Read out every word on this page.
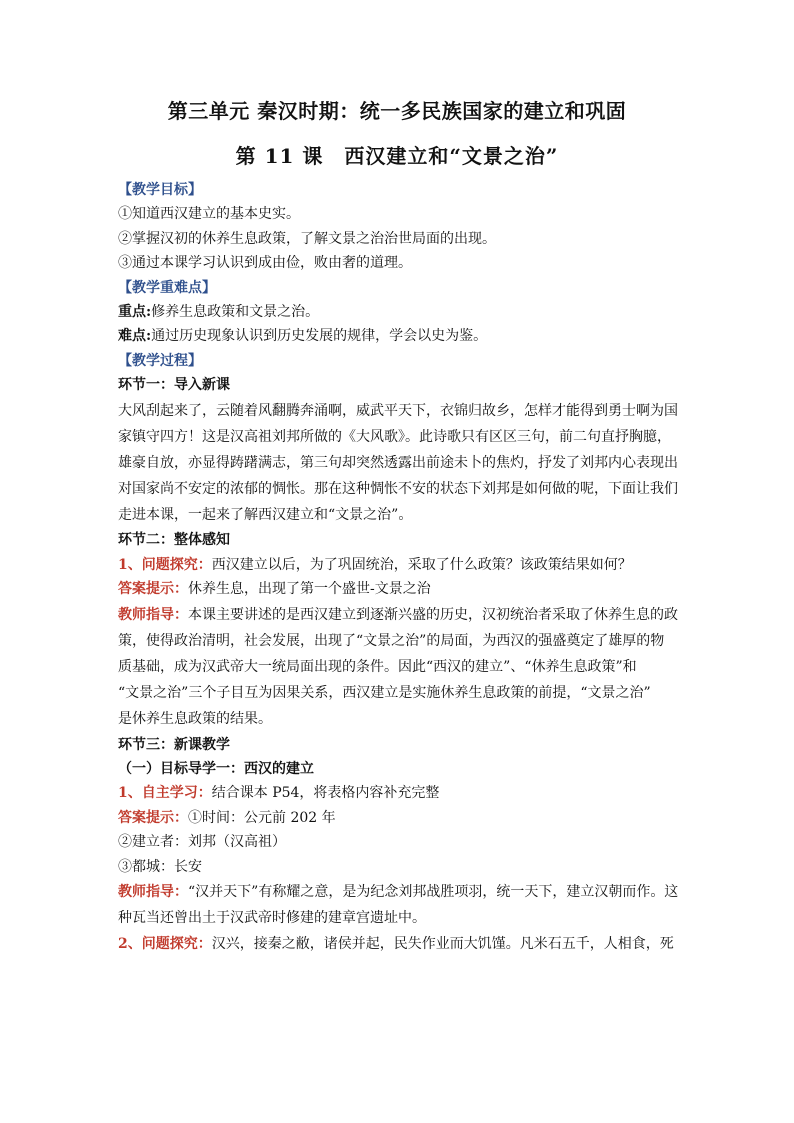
第三单元 秦汉时期：统一多民族国家的建立和巩固
第 11 课　西汉建立和“文景之治”
【教学目标】
①知道西汉建立的基本史实。
②掌握汉初的休养生息政策，了解文景之治治世局面的出现。
③通过本课学习认识到成由俭，败由奢的道理。
【教学重难点】
重点:修养生息政策和文景之治。
难点:通过历史现象认识到历史发展的规律，学会以史为鉴。
【教学过程】
环节一：导入新课
大风刮起来了，云随着风翻腾奔涌啊，威武平天下，衣锦归故乡，怎样才能得到勇士啊为国
家镇守四方！这是汉高祖刘邦所做的《大风歌》。此诗歌只有区区三句，前二句直抒胸臆，
雄豪自放，亦显得踌躇满志，第三句却突然透露出前途未卜的焦灼，抒发了刘邦内心表现出
对国家尚不安定的浓郁的惆怅。那在这种惆怅不安的状态下刘邦是如何做的呢，下面让我们
走进本课，一起来了解西汉建立和“文景之治”。
环节二：整体感知
1、问题探究：西汉建立以后，为了巩固统治，采取了什么政策？该政策结果如何？
答案提示：休养生息，出现了第一个盛世-文景之治
教师指导：本课主要讲述的是西汉建立到逐渐兴盛的历史，汉初统治者采取了休养生息的政
策，使得政治清明，社会发展，出现了“文景之治”的局面，为西汉的强盛奠定了雄厚的物
质基础，成为汉武帝大一统局面出现的条件。因此“西汉的建立”、“休养生息政策”和
“文景之治”三个子目互为因果关系，西汉建立是实施休养生息政策的前提，“文景之治”
是休养生息政策的结果。
环节三：新课教学
（一）目标导学一：西汉的建立
1、自主学习：结合课本 P54，将表格内容补充完整
答案提示：①时间：公元前 202 年
②建立者：刘邦（汉高祖）
③都城：长安
教师指导：“汉并天下”有称耀之意，是为纪念刘邦战胜项羽，统一天下，建立汉朝而作。这
种瓦当还曾出土于汉武帝时修建的建章宫遗址中。
2、问题探究：汉兴，接秦之敝，诸侯并起，民失作业而大饥馑。凡米石五千，人相食，死
